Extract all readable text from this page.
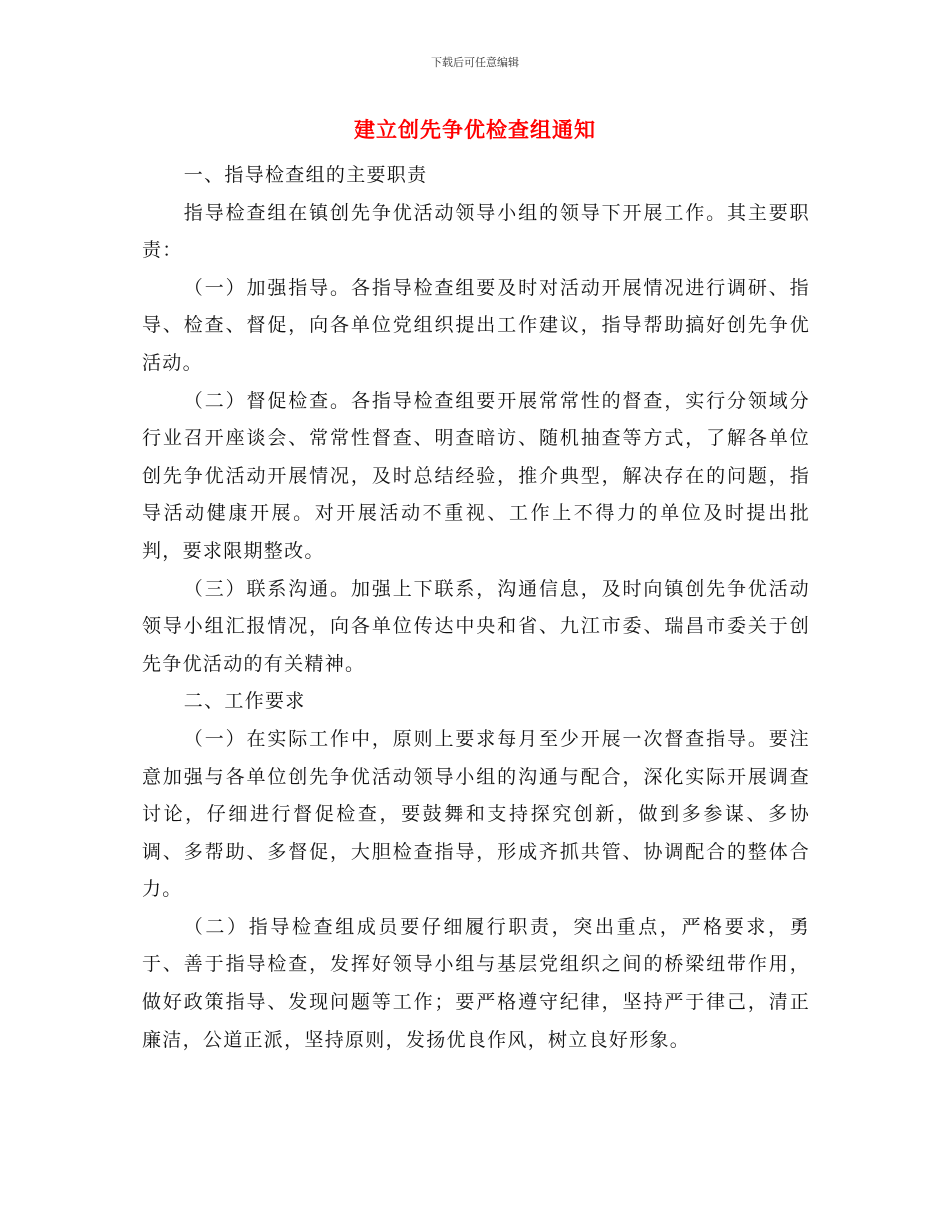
下载后可任意编辑
建立创先争优检查组通知

一、指导检查组的主要职责

指导检查组在镇创先争优活动领导小组的领导下开展工作。其主要职责：

（一）加强指导。各指导检查组要及时对活动开展情况进行调研、指导、检查、督促，向各单位党组织提出工作建议，指导帮助搞好创先争优活动。

（二）督促检查。各指导检查组要开展常常性的督查，实行分领域分行业召开座谈会、常常性督查、明查暗访、随机抽查等方式，了解各单位创先争优活动开展情况，及时总结经验，推介典型，解决存在的问题，指导活动健康开展。对开展活动不重视、工作上不得力的单位及时提出批判，要求限期整改。

（三）联系沟通。加强上下联系，沟通信息，及时向镇创先争优活动领导小组汇报情况，向各单位传达中央和省、九江市委、瑞昌市委关于创先争优活动的有关精神。

二、工作要求

（一）在实际工作中，原则上要求每月至少开展一次督查指导。要注意加强与各单位创先争优活动领导小组的沟通与配合，深化实际开展调查讨论，仔细进行督促检查，要鼓舞和支持探究创新，做到多参谋、多协调、多帮助、多督促，大胆检查指导，形成齐抓共管、协调配合的整体合力。

（二）指导检查组成员要仔细履行职责，突出重点，严格要求，勇于、善于指导检查，发挥好领导小组与基层党组织之间的桥梁纽带作用，做好政策指导、发现问题等工作；要严格遵守纪律，坚持严于律己，清正廉洁，公道正派，坚持原则，发扬优良作风，树立良好形象。
